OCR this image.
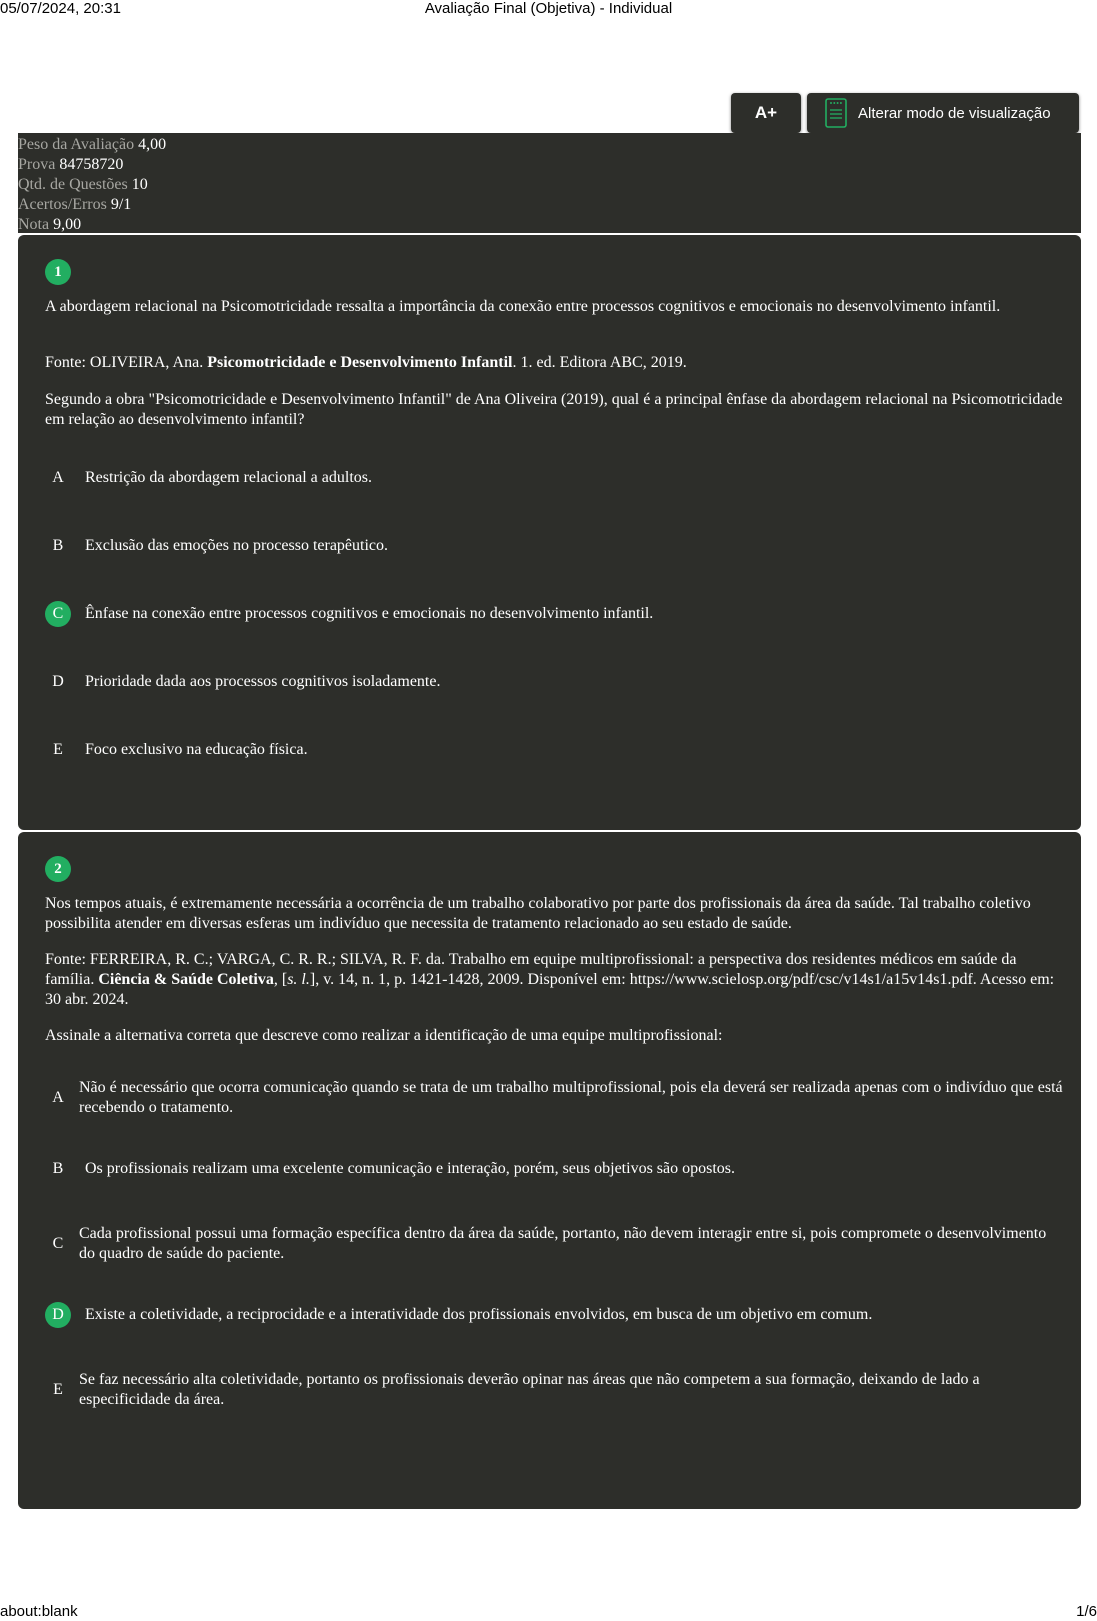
05/07/2024, 20:31	Avaliação Final (Objetiva) - Individual
A+	Alterar modo de visualização
Peso da Avaliação 4,00
Prova 84758720
Qtd. de Questões 10
Acertos/Erros 9/1
Nota 9,00
1

A abordagem relacional na Psicomotricidade ressalta a importância da conexão entre processos cognitivos e emocionais no desenvolvimento infantil.

Fonte: OLIVEIRA, Ana. Psicomotricidade e Desenvolvimento Infantil. 1. ed. Editora ABC, 2019.

Segundo a obra "Psicomotricidade e Desenvolvimento Infantil" de Ana Oliveira (2019), qual é a principal ênfase da abordagem relacional na Psicomotricidade em relação ao desenvolvimento infantil?

A	Restrição da abordagem relacional a adultos.
B	Exclusão das emoções no processo terapêutico.
C	Ênfase na conexão entre processos cognitivos e emocionais no desenvolvimento infantil.
D	Prioridade dada aos processos cognitivos isoladamente.
E	Foco exclusivo na educação física.
2

Nos tempos atuais, é extremamente necessária a ocorrência de um trabalho colaborativo por parte dos profissionais da área da saúde. Tal trabalho coletivo possibilita atender em diversas esferas um indivíduo que necessita de tratamento relacionado ao seu estado de saúde.

Fonte: FERREIRA, R. C.; VARGA, C. R. R.; SILVA, R. F. da. Trabalho em equipe multiprofissional: a perspectiva dos residentes médicos em saúde da família. Ciência & Saúde Coletiva, [s. l.], v. 14, n. 1, p. 1421-1428, 2009. Disponível em: https://www.scielosp.org/pdf/csc/v14s1/a15v14s1.pdf. Acesso em: 30 abr. 2024.

Assinale a alternativa correta que descreve como realizar a identificação de uma equipe multiprofissional:

A
Não é necessário que ocorra comunicação quando se trata de um trabalho multiprofissional, pois ela deverá ser realizada apenas com o indivíduo que está recebendo o tratamento.
B	Os profissionais realizam uma excelente comunicação e interação, porém, seus objetivos são opostos.
C
Cada profissional possui uma formação específica dentro da área da saúde, portanto, não devem interagir entre si, pois compromete o desenvolvimento do quadro de saúde do paciente.
D	Existe a coletividade, a reciprocidade e a interatividade dos profissionais envolvidos, em busca de um objetivo em comum.
E
Se faz necessário alta coletividade, portanto os profissionais deverão opinar nas áreas que não competem a sua formação, deixando de lado a especificidade da área.
about:blank	1/6
